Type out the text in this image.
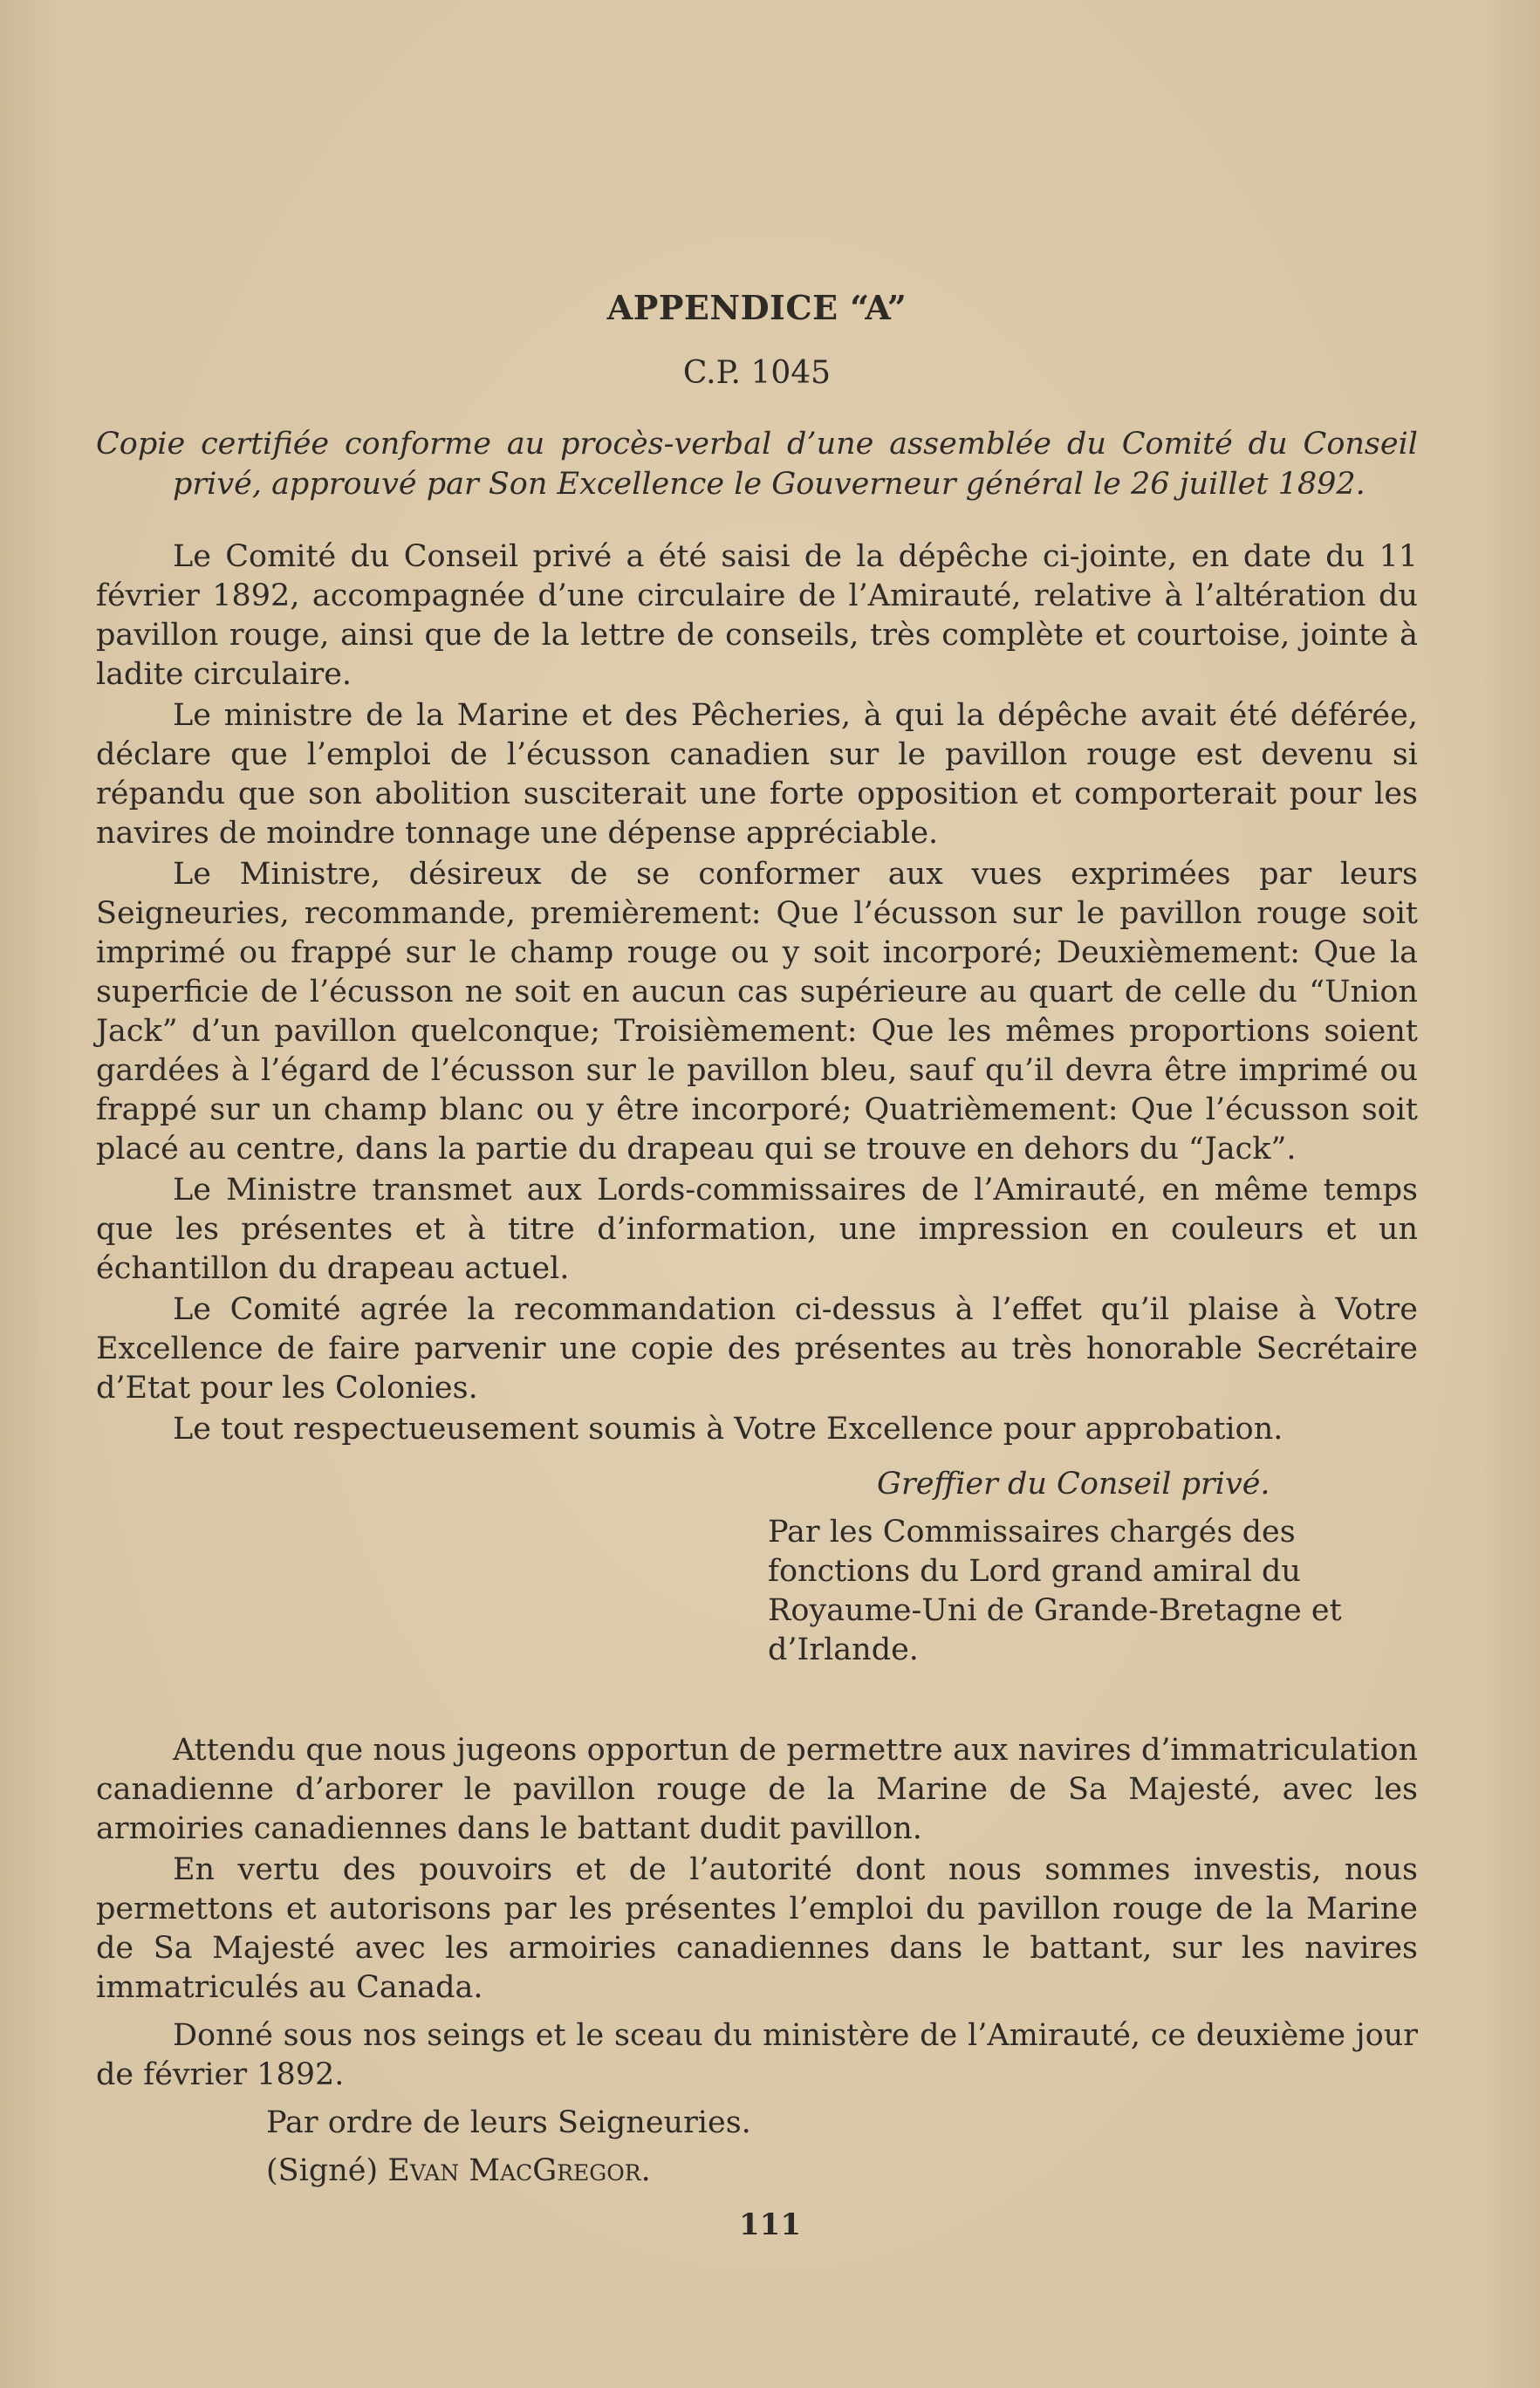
APPENDICE “A”
C.P. 1045
Copie certifiée conforme au procès-verbal d’une assemblée du Comité du Conseil privé, approuvé par Son Excellence le Gouverneur général le 26 juillet 1892.

Le Comité du Conseil privé a été saisi de la dépêche ci-jointe, en date du 11 février 1892, accompagnée d’une circulaire de l’Amirauté, relative à l’altération du pavillon rouge, ainsi que de la lettre de conseils, très complète et courtoise, jointe à ladite circulaire.

Le ministre de la Marine et des Pêcheries, à qui la dépêche avait été déférée, déclare que l’emploi de l’écusson canadien sur le pavillon rouge est devenu si répandu que son abolition susciterait une forte opposition et comporterait pour les navires de moindre tonnage une dépense appréciable.

Le Ministre, désireux de se conformer aux vues exprimées par leurs Seigneuries, recommande, premièrement: Que l’écusson sur le pavillon rouge soit imprimé ou frappé sur le champ rouge ou y soit incorporé; Deuxièmement: Que la superficie de l’écusson ne soit en aucun cas supérieure au quart de celle du “Union Jack” d’un pavillon quelconque; Troisièmement: Que les mêmes proportions soient gardées à l’égard de l’écusson sur le pavillon bleu, sauf qu’il devra être imprimé ou frappé sur un champ blanc ou y être incorporé; Quatrièmement: Que l’écusson soit placé au centre, dans la partie du drapeau qui se trouve en dehors du “Jack”.

Le Ministre transmet aux Lords-commissaires de l’Amirauté, en même temps que les présentes et à titre d’information, une impression en couleurs et un échantillon du drapeau actuel.

Le Comité agrée la recommandation ci-dessus à l’effet qu’il plaise à Votre Excellence de faire parvenir une copie des présentes au très honorable Secrétaire d’Etat pour les Colonies.

Le tout respectueusement soumis à Votre Excellence pour approbation.

Greffier du Conseil privé.

Par les Commissaires chargés des fonctions du Lord grand amiral du Royaume-Uni de Grande-Bretagne et d’Irlande.

Attendu que nous jugeons opportun de permettre aux navires d’immatriculation canadienne d’arborer le pavillon rouge de la Marine de Sa Majesté, avec les armoiries canadiennes dans le battant dudit pavillon.

En vertu des pouvoirs et de l’autorité dont nous sommes investis, nous permettons et autorisons par les présentes l’emploi du pavillon rouge de la Marine de Sa Majesté avec les armoiries canadiennes dans le battant, sur les navires immatriculés au Canada.

Donné sous nos seings et le sceau du ministère de l’Amirauté, ce deuxième jour de février 1892.

Par ordre de leurs Seigneuries.

(Signé) Evan MacGregor.

111
